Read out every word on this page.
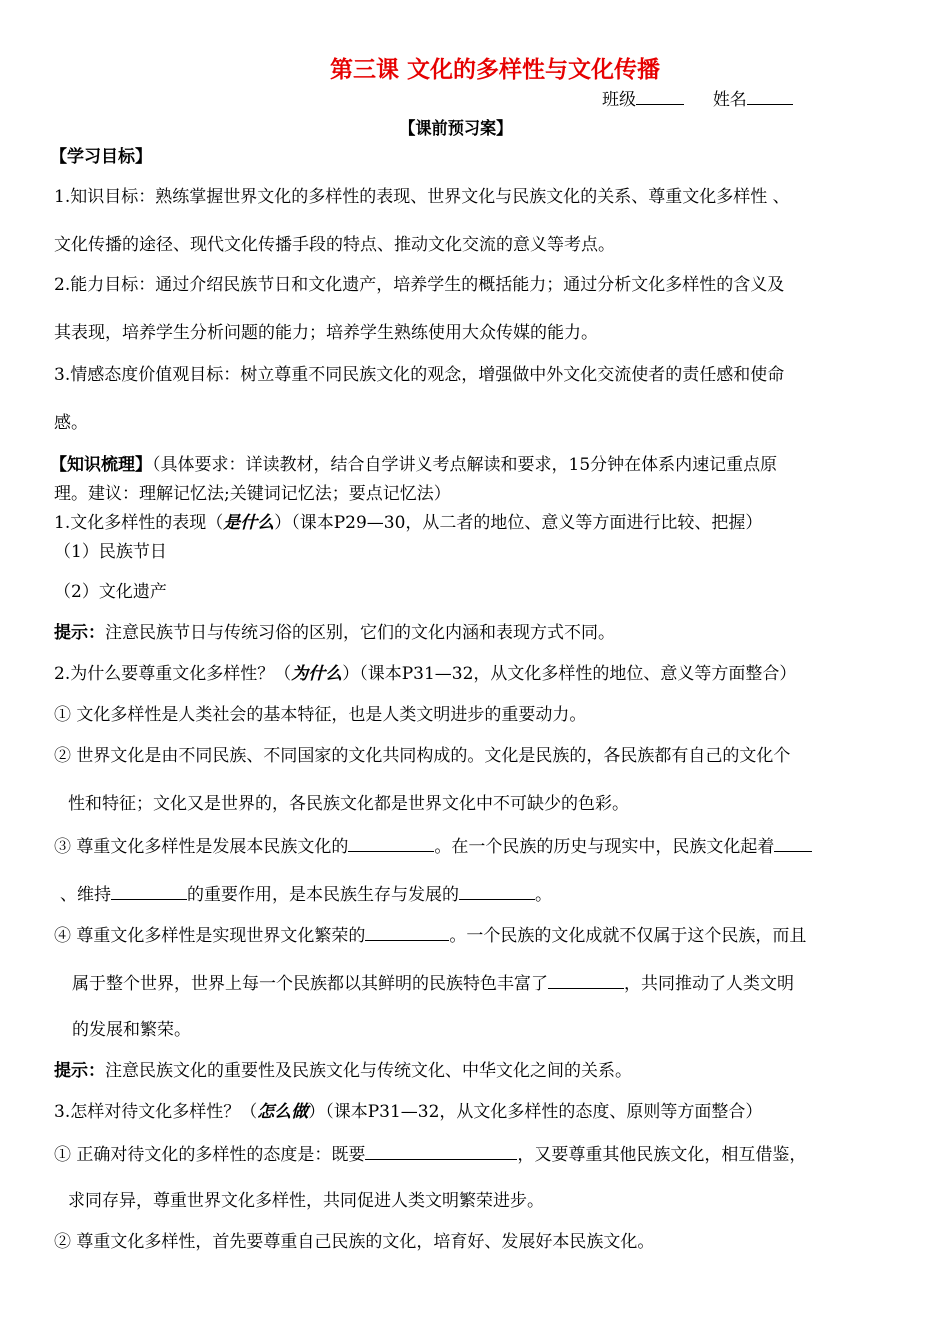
第三课 文化的多样性与文化传播
班级	姓名
【课前预习案】
【学习目标】
1.知识目标：熟练掌握世界文化的多样性的表现、世界文化与民族文化的关系、尊重文化多样性 、
文化传播的途径、现代文化传播手段的特点、推动文化交流的意义等考点。
2.能力目标：通过介绍民族节日和文化遗产，培养学生的概括能力；通过分析文化多样性的含义及
其表现，培养学生分析问题的能力；培养学生熟练使用大众传媒的能力。
3.情感态度价值观目标：树立尊重不同民族文化的观念，增强做中外文化交流使者的责任感和使命
感。
【知识梳理】（具体要求：详读教材，结合自学讲义考点解读和要求，15分钟在体系内速记重点原
理。建议：理解记忆法;关键词记忆法；要点记忆法）
1.文化多样性的表现（是什么）（课本P29—30，从二者的地位、意义等方面进行比较、把握）
（1）民族节日
（2）文化遗产
提示：注意民族节日与传统习俗的区别，它们的文化内涵和表现方式不同。
2.为什么要尊重文化多样性？（为什么）（课本P31—32，从文化多样性的地位、意义等方面整合）
① 文化多样性是人类社会的基本特征，也是人类文明进步的重要动力。
② 世界文化是由不同民族、不同国家的文化共同构成的。文化是民族的，各民族都有自己的文化个
性和特征；文化又是世界的，各民族文化都是世界文化中不可缺少的色彩。
③ 尊重文化多样性是发展本民族文化的	。在一个民族的历史与现实中，民族文化起着
、维持	的重要作用，是本民族生存与发展的	。
④ 尊重文化多样性是实现世界文化繁荣的	。一个民族的文化成就不仅属于这个民族，而且
属于整个世界，世界上每一个民族都以其鲜明的民族特色丰富了	，共同推动了人类文明
的发展和繁荣。
提示：注意民族文化的重要性及民族文化与传统文化、中华文化之间的关系。
3.怎样对待文化多样性？（怎么做）（课本P31—32，从文化多样性的态度、原则等方面整合）
① 正确对待文化的多样性的态度是：既要	，又要尊重其他民族文化，相互借鉴，
求同存异，尊重世界文化多样性，共同促进人类文明繁荣进步。
② 尊重文化多样性，首先要尊重自己民族的文化，培育好、发展好本民族文化。
